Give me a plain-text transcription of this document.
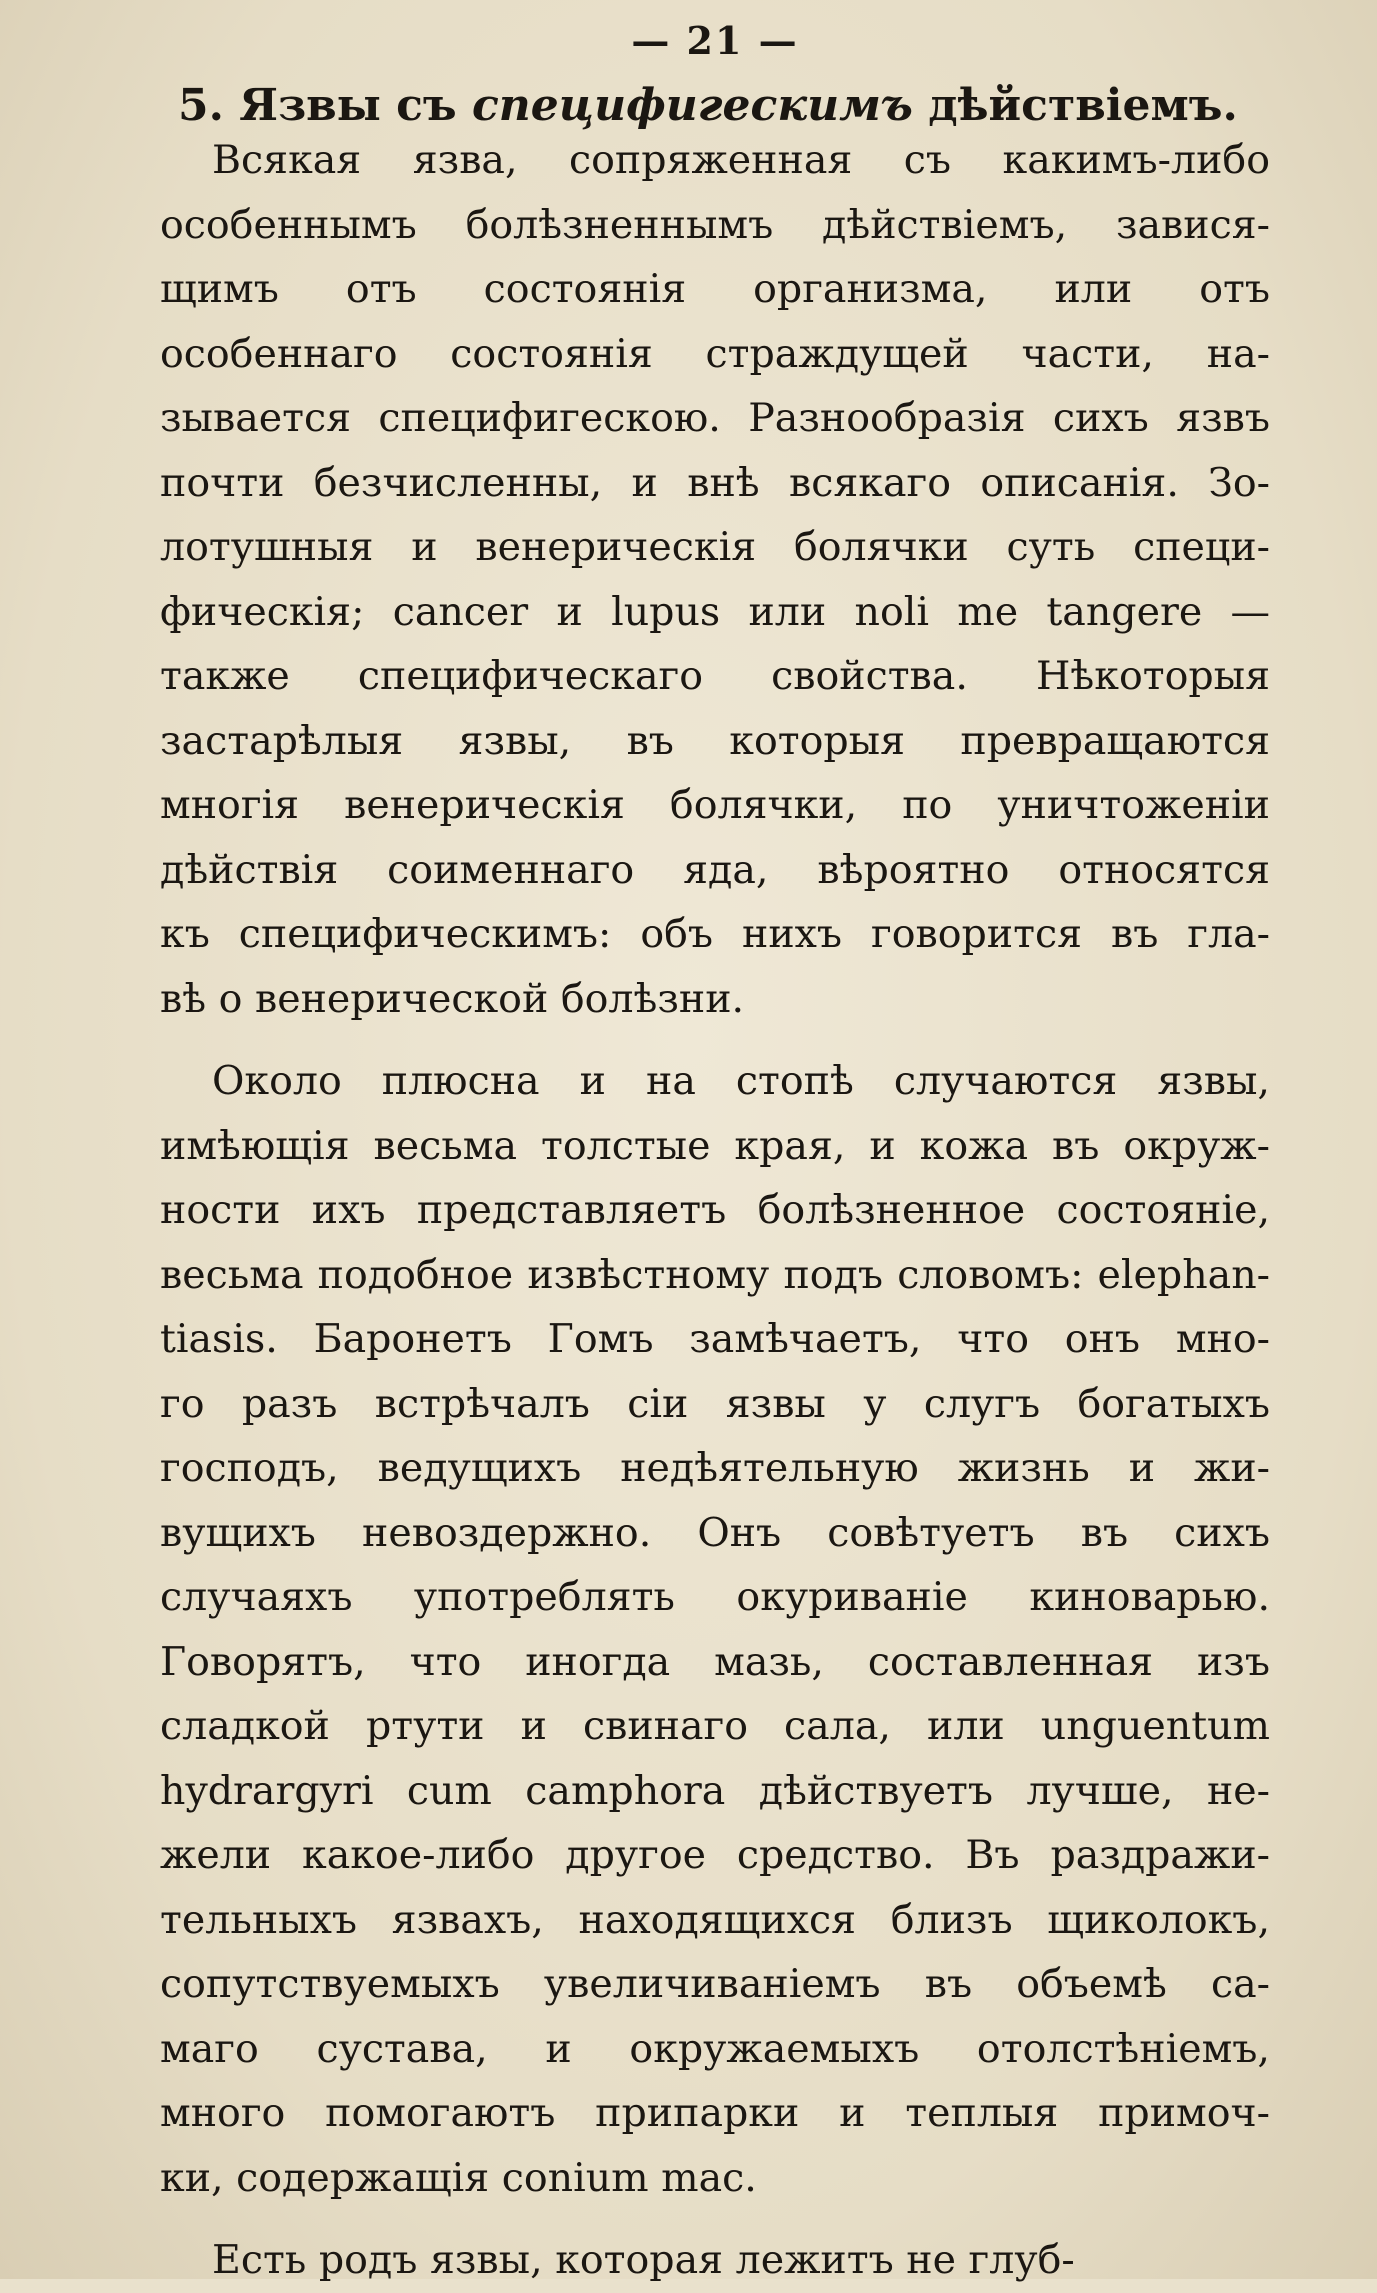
— 21 —
5. Язвы съ специфигескимъ дѣйствіемъ.
Всякая язва, сопряженная съ какимъ-либо
особеннымъ болѣзненнымъ дѣйствіемъ, завися-
щимъ отъ состоянія организма, или отъ
особеннаго состоянія страждущей части, на-
зывается специфигескою. Разнообразія сихъ язвъ
почти безчисленны, и внѣ всякаго описанія. Зо-
лотушныя и венерическія болячки суть специ-
фическія; cancer и lupus или noli me tangere —
также специфическаго свойства. Нѣкоторыя
застарѣлыя язвы, въ которыя превращаются
многія венерическія болячки, по уничтоженіи
дѣйствія соименнаго яда, вѣроятно относятся
къ специфическимъ: объ нихъ говорится въ гла-
вѣ о венерической болѣзни.
Около плюсна и на стопѣ случаются язвы,
имѣющія весьма толстые края, и кожа въ окруж-
ности ихъ представляетъ болѣзненное состояніе,
весьма подобное извѣстному подъ словомъ: elephan-
tiasis. Баронетъ Гомъ замѣчаетъ, что онъ мно-
го разъ встрѣчалъ сіи язвы у слугъ богатыхъ
господъ, ведущихъ недѣятельную жизнь и жи-
вущихъ невоздержно. Онъ совѣтуетъ въ сихъ
случаяхъ употреблять окуриваніе киноварью.
Говорятъ, что иногда мазь, составленная изъ
сладкой ртути и свинаго сала, или unguentum
hydrargyri cum camphora дѣйствуетъ лучше, не-
жели какое-либо другое средство. Въ раздражи-
тельныхъ язвахъ, находящихся близъ щиколокъ,
сопутствуемыхъ увеличиваніемъ въ объемѣ са-
маго сустава, и окружаемыхъ отолстѣніемъ,
много помогаютъ припарки и теплыя примоч-
ки, содержащія conium mac.
Есть родъ язвы, которая лежитъ не глуб-
